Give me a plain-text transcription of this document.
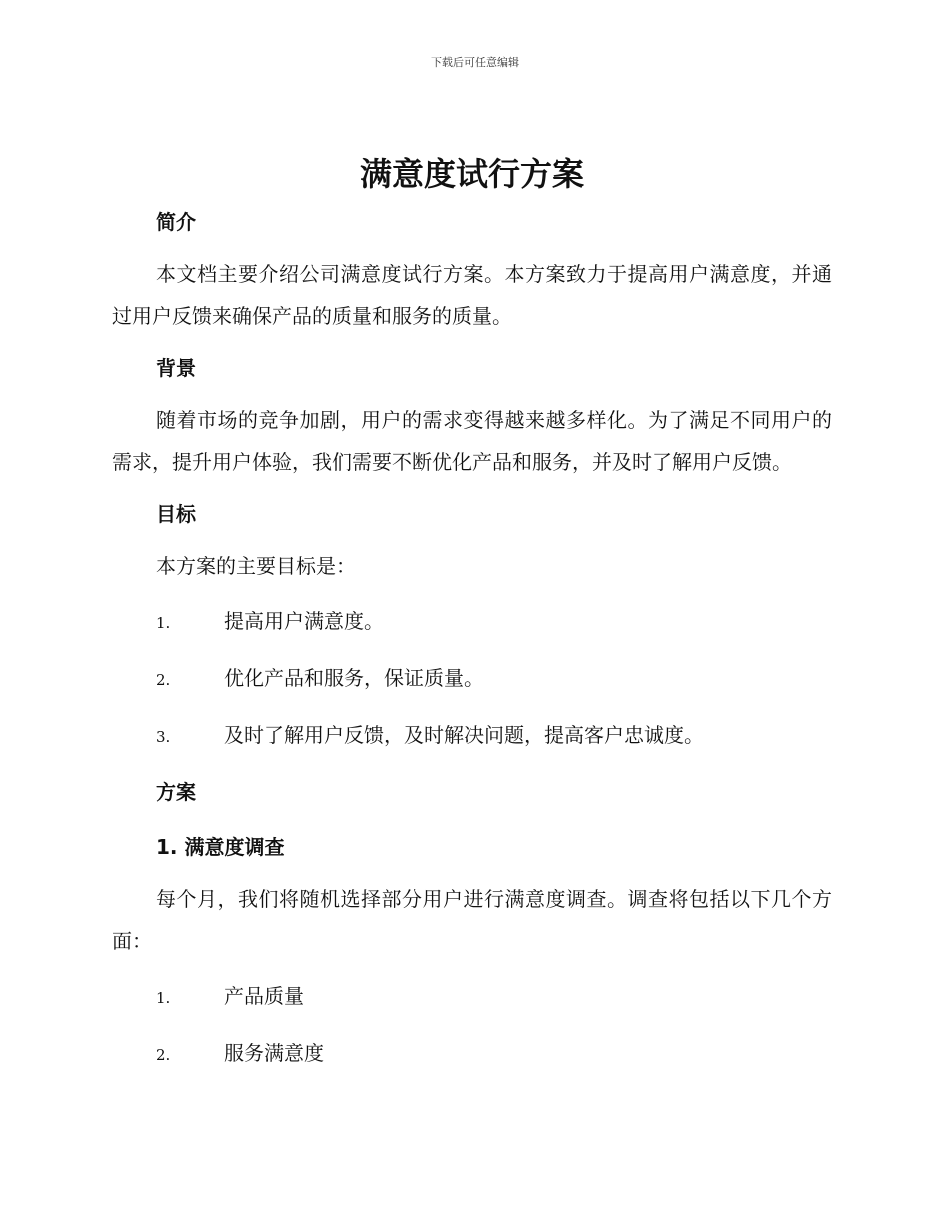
下载后可任意编辑
满意度试行方案
简介

本文档主要介绍公司满意度试行方案。本方案致力于提高用户满意度，并通过用户反馈来确保产品的质量和服务的质量。

背景

随着市场的竞争加剧，用户的需求变得越来越多样化。为了满足不同用户的需求，提升用户体验，我们需要不断优化产品和服务，并及时了解用户反馈。

目标

本方案的主要目标是：

1.	提高用户满意度。
2.	优化产品和服务，保证质量。
3.	及时了解用户反馈，及时解决问题，提高客户忠诚度。
方案
1. 满意度调查

每个月，我们将随机选择部分用户进行满意度调查。调查将包括以下几个方面：

1.	产品质量
2.	服务满意度
